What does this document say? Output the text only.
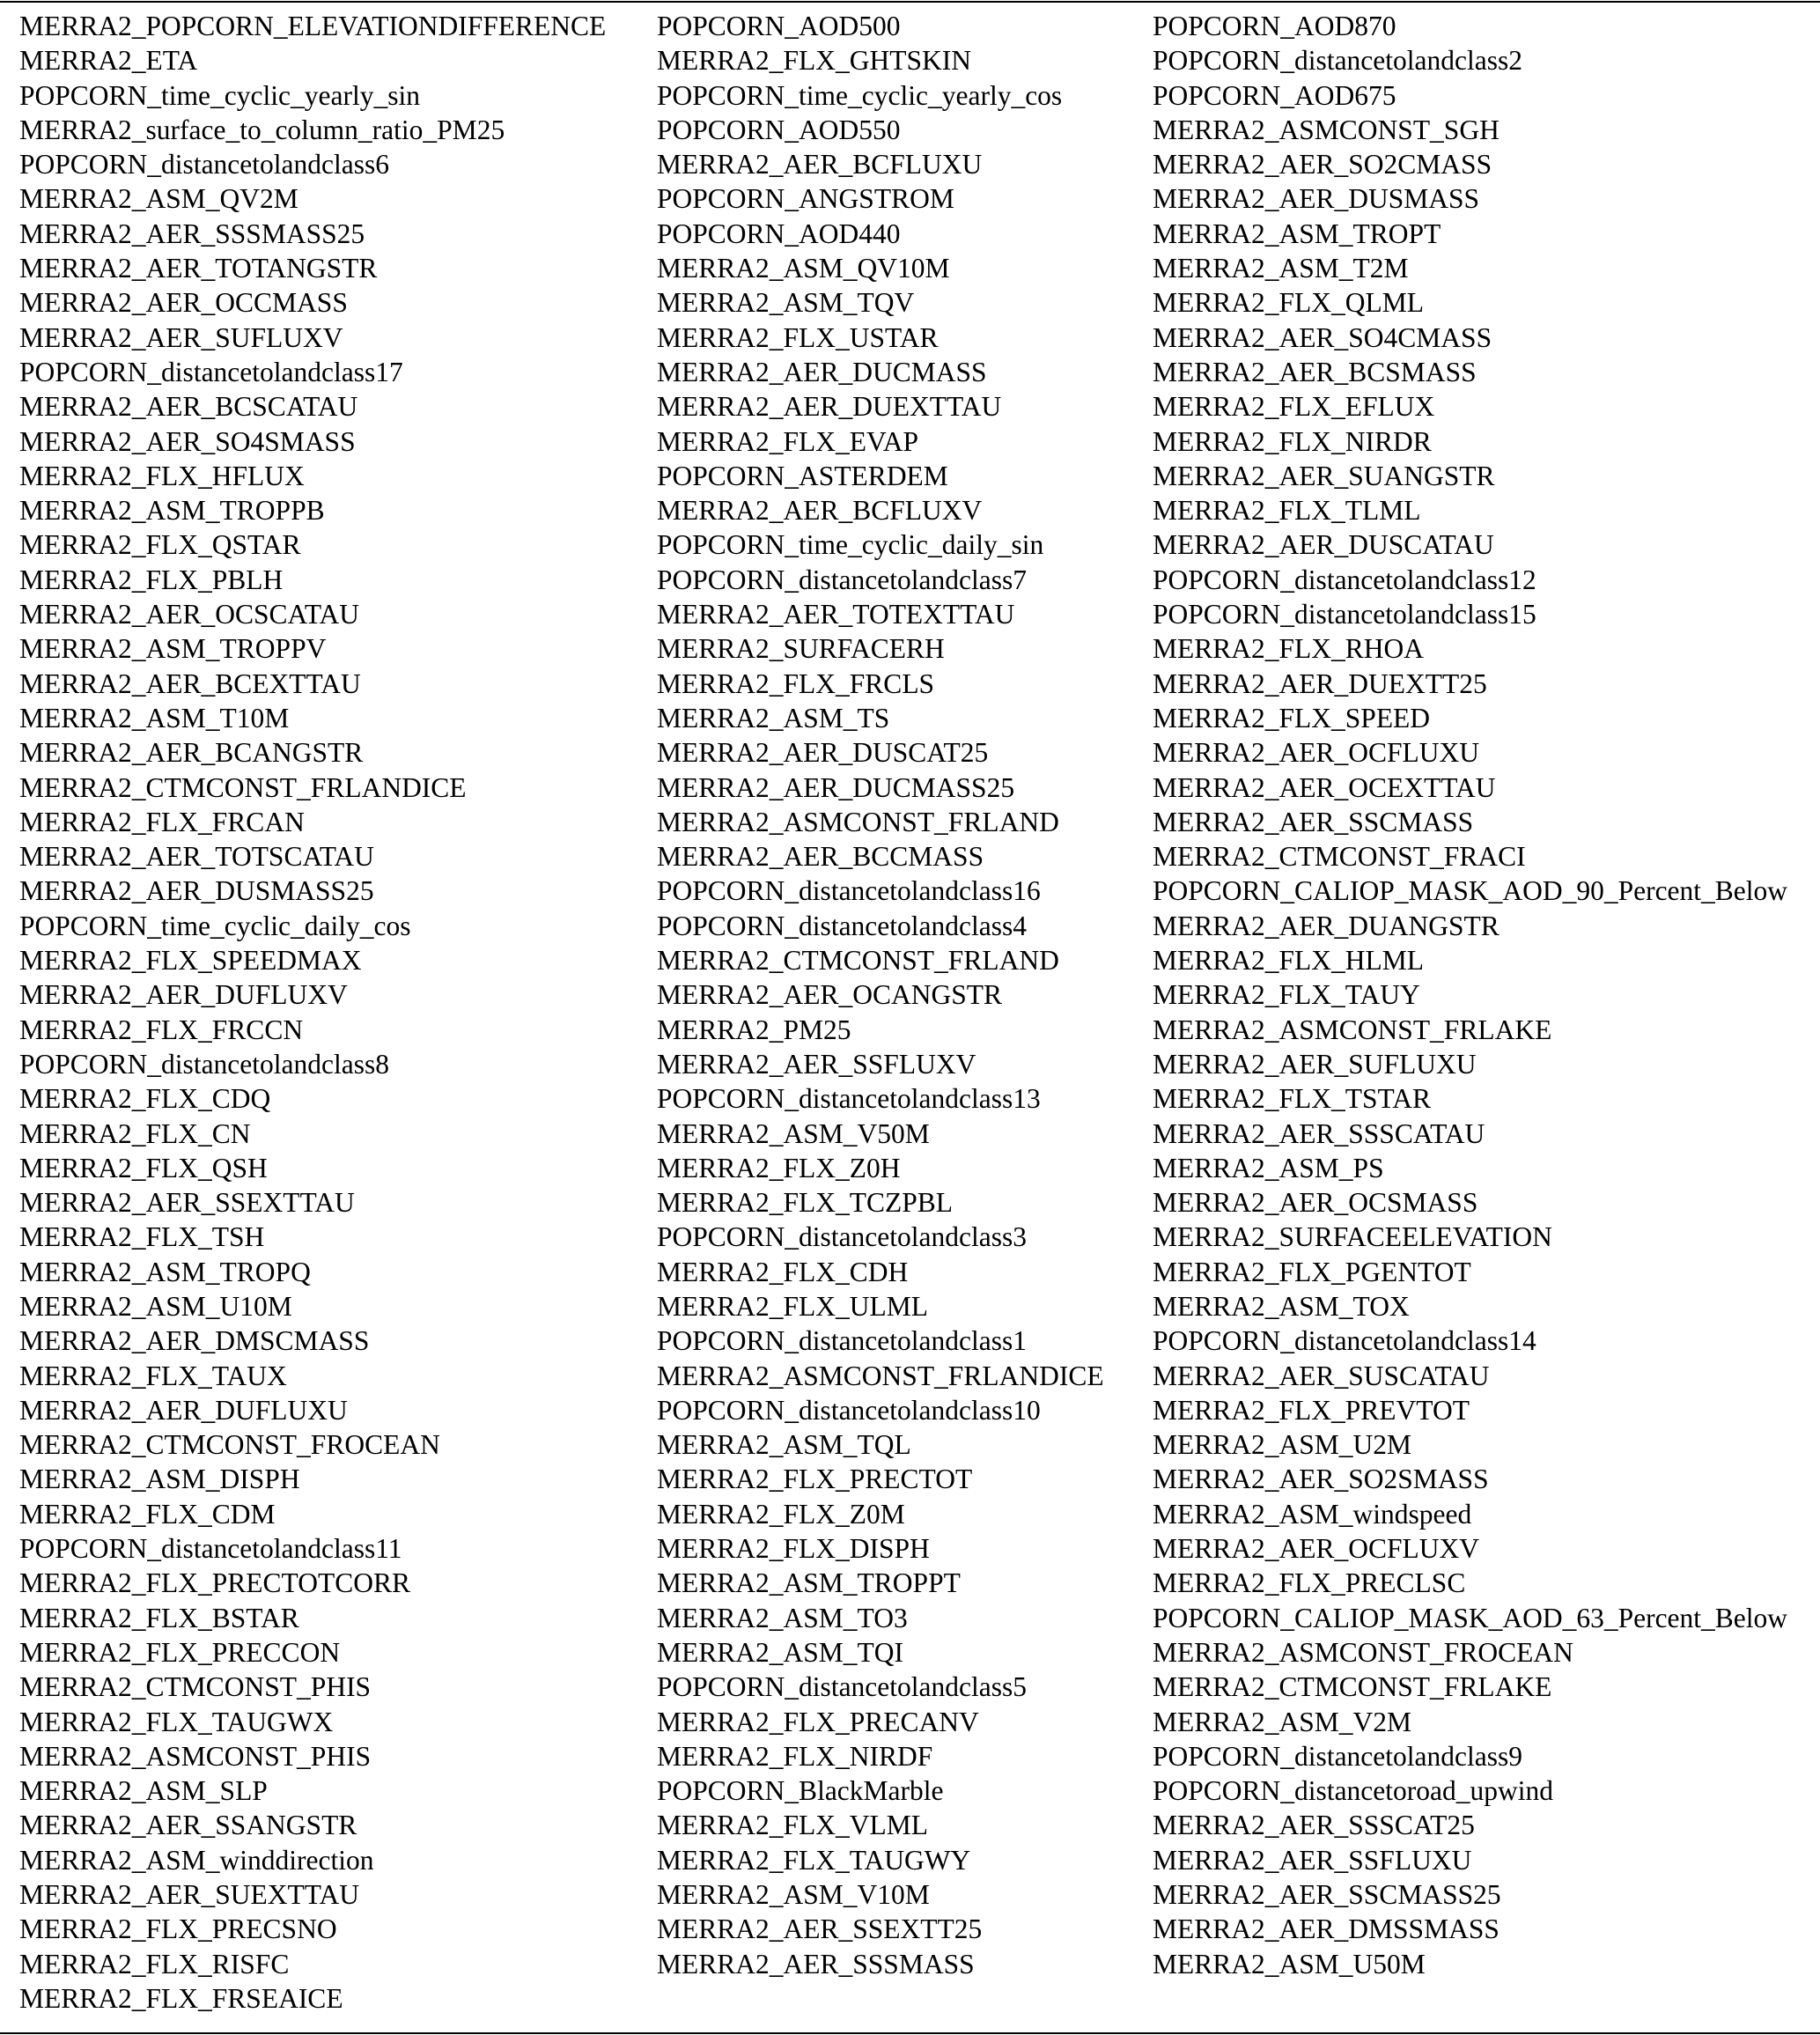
MERRA2_POPCORN_ELEVATIONDIFFERENCE
MERRA2_ETA
POPCORN_time_cyclic_yearly_sin
MERRA2_surface_to_column_ratio_PM25
POPCORN_distancetolandclass6
MERRA2_ASM_QV2M
MERRA2_AER_SSSMASS25
MERRA2_AER_TOTANGSTR
MERRA2_AER_OCCMASS
MERRA2_AER_SUFLUXV
POPCORN_distancetolandclass17
MERRA2_AER_BCSCATAU
MERRA2_AER_SO4SMASS
MERRA2_FLX_HFLUX
MERRA2_ASM_TROPPB
MERRA2_FLX_QSTAR
MERRA2_FLX_PBLH
MERRA2_AER_OCSCATAU
MERRA2_ASM_TROPPV
MERRA2_AER_BCEXTTAU
MERRA2_ASM_T10M
MERRA2_AER_BCANGSTR
MERRA2_CTMCONST_FRLANDICE
MERRA2_FLX_FRCAN
MERRA2_AER_TOTSCATAU
MERRA2_AER_DUSMASS25
POPCORN_time_cyclic_daily_cos
MERRA2_FLX_SPEEDMAX
MERRA2_AER_DUFLUXV
MERRA2_FLX_FRCCN
POPCORN_distancetolandclass8
MERRA2_FLX_CDQ
MERRA2_FLX_CN
MERRA2_FLX_QSH
MERRA2_AER_SSEXTTAU
MERRA2_FLX_TSH
MERRA2_ASM_TROPQ
MERRA2_ASM_U10M
MERRA2_AER_DMSCMASS
MERRA2_FLX_TAUX
MERRA2_AER_DUFLUXU
MERRA2_CTMCONST_FROCEAN
MERRA2_ASM_DISPH
MERRA2_FLX_CDM
POPCORN_distancetolandclass11
MERRA2_FLX_PRECTOTCORR
MERRA2_FLX_BSTAR
MERRA2_FLX_PRECCON
MERRA2_CTMCONST_PHIS
MERRA2_FLX_TAUGWX
MERRA2_ASMCONST_PHIS
MERRA2_ASM_SLP
MERRA2_AER_SSANGSTR
MERRA2_ASM_winddirection
MERRA2_AER_SUEXTTAU
MERRA2_FLX_PRECSNO
MERRA2_FLX_RISFC
MERRA2_FLX_FRSEAICE
POPCORN_AOD500
MERRA2_FLX_GHTSKIN
POPCORN_time_cyclic_yearly_cos
POPCORN_AOD550
MERRA2_AER_BCFLUXU
POPCORN_ANGSTROM
POPCORN_AOD440
MERRA2_ASM_QV10M
MERRA2_ASM_TQV
MERRA2_FLX_USTAR
MERRA2_AER_DUCMASS
MERRA2_AER_DUEXTTAU
MERRA2_FLX_EVAP
POPCORN_ASTERDEM
MERRA2_AER_BCFLUXV
POPCORN_time_cyclic_daily_sin
POPCORN_distancetolandclass7
MERRA2_AER_TOTEXTTAU
MERRA2_SURFACERH
MERRA2_FLX_FRCLS
MERRA2_ASM_TS
MERRA2_AER_DUSCAT25
MERRA2_AER_DUCMASS25
MERRA2_ASMCONST_FRLAND
MERRA2_AER_BCCMASS
POPCORN_distancetolandclass16
POPCORN_distancetolandclass4
MERRA2_CTMCONST_FRLAND
MERRA2_AER_OCANGSTR
MERRA2_PM25
MERRA2_AER_SSFLUXV
POPCORN_distancetolandclass13
MERRA2_ASM_V50M
MERRA2_FLX_Z0H
MERRA2_FLX_TCZPBL
POPCORN_distancetolandclass3
MERRA2_FLX_CDH
MERRA2_FLX_ULML
POPCORN_distancetolandclass1
MERRA2_ASMCONST_FRLANDICE
POPCORN_distancetolandclass10
MERRA2_ASM_TQL
MERRA2_FLX_PRECTOT
MERRA2_FLX_Z0M
MERRA2_FLX_DISPH
MERRA2_ASM_TROPPT
MERRA2_ASM_TO3
MERRA2_ASM_TQI
POPCORN_distancetolandclass5
MERRA2_FLX_PRECANV
MERRA2_FLX_NIRDF
POPCORN_BlackMarble
MERRA2_FLX_VLML
MERRA2_FLX_TAUGWY
MERRA2_ASM_V10M
MERRA2_AER_SSEXTT25
MERRA2_AER_SSSMASS
POPCORN_AOD870
POPCORN_distancetolandclass2
POPCORN_AOD675
MERRA2_ASMCONST_SGH
MERRA2_AER_SO2CMASS
MERRA2_AER_DUSMASS
MERRA2_ASM_TROPT
MERRA2_ASM_T2M
MERRA2_FLX_QLML
MERRA2_AER_SO4CMASS
MERRA2_AER_BCSMASS
MERRA2_FLX_EFLUX
MERRA2_FLX_NIRDR
MERRA2_AER_SUANGSTR
MERRA2_FLX_TLML
MERRA2_AER_DUSCATAU
POPCORN_distancetolandclass12
POPCORN_distancetolandclass15
MERRA2_FLX_RHOA
MERRA2_AER_DUEXTT25
MERRA2_FLX_SPEED
MERRA2_AER_OCFLUXU
MERRA2_AER_OCEXTTAU
MERRA2_AER_SSCMASS
MERRA2_CTMCONST_FRACI
POPCORN_CALIOP_MASK_AOD_90_Percent_Below
MERRA2_AER_DUANGSTR
MERRA2_FLX_HLML
MERRA2_FLX_TAUY
MERRA2_ASMCONST_FRLAKE
MERRA2_AER_SUFLUXU
MERRA2_FLX_TSTAR
MERRA2_AER_SSSCATAU
MERRA2_ASM_PS
MERRA2_AER_OCSMASS
MERRA2_SURFACEELEVATION
MERRA2_FLX_PGENTOT
MERRA2_ASM_TOX
POPCORN_distancetolandclass14
MERRA2_AER_SUSCATAU
MERRA2_FLX_PREVTOT
MERRA2_ASM_U2M
MERRA2_AER_SO2SMASS
MERRA2_ASM_windspeed
MERRA2_AER_OCFLUXV
MERRA2_FLX_PRECLSC
POPCORN_CALIOP_MASK_AOD_63_Percent_Below
MERRA2_ASMCONST_FROCEAN
MERRA2_CTMCONST_FRLAKE
MERRA2_ASM_V2M
POPCORN_distancetolandclass9
POPCORN_distancetoroad_upwind
MERRA2_AER_SSSCAT25
MERRA2_AER_SSFLUXU
MERRA2_AER_SSCMASS25
MERRA2_AER_DMSSMASS
MERRA2_ASM_U50M
